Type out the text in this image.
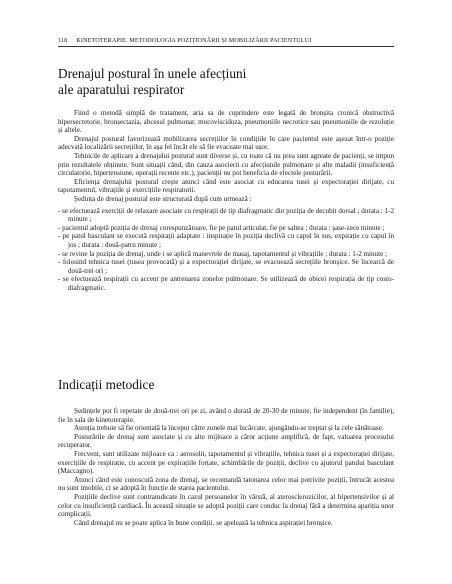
118 KINETOTERAPIE. METODOLOGIA POZIȚIONĂRII ȘI MOBILIZĂRII PACIENTULUI
Drenajul postural în unele afecțiuni
ale aparatului respirator

Fiind o metodă simplă de tratament, aria sa de cuprindere este legată de bronșita cronică obstructivă hipersecretorie, bronșectazia, abcesul pulmonar, mucoviscidoza, pneumoniile necrotice sau pneumoniile de rezoluție și altele.

Drenajul postural favorizează mobilizarea secrețiilor în condițiile în care pacientul este așezat într-o poziție adecvată localizării secrețiilor, în așa fel încât ele să fie evacuate mai ușor.

Tehnicile de aplicare a drenajului postural sunt diverse și, cu toate că nu prea sunt agreate de pacienți, se impun prin rezultatele obținute. Sunt situații când, din cauza asocierii cu afecțiunile pulmonare și alte maladii (insuficiență circulatorie, hipertensiune, operații recente etc.), pacienții nu pot beneficia de efectele posturării.

Eficiența drenajului postural crește atunci când este asociat cu educarea tusei și expectorației dirijate, cu tapotamentul, vibrațiile și exercițiile respiratorii.

Ședința de drenaj postural este structurată după cum urmează :

- se efectuează exerciții de relaxare asociate cu respirații de tip diafragmatic din poziția de decubit dorsal ; durata : 1-2 minute ;

- pacientul adoptă poziția de drenaj corespunzătoare, fie pe patul articulat, fie pe saltea ; durata : șase-zece minute ;

- pe patul basculant se execută respirații adaptate : inspirație în poziția declivă cu capul în sus, expirație cu capul în jos ; durata : două-patru minute ;

- se revine la poziția de drenaj, unde i se aplică manevrele de masaj, tapotamentul și vibrațiile ; durata : 1-2 minute ;

- folosind tehnica tusei (tusea provocată) și a expectorației dirijate, se evacuează secrețiile bronșice. Se încearcă de două-trei ori ;

- se efectuează respirații cu accent pe antrenarea zonelor pulmonare. Se utilizează de obicei respirația de tip costo-diafragmatic.

Indicații metodice

Ședințele pot fi repetate de două-trei ori pe zi, având o durată de 20-30 de minute, fie independent (în familie), fie în sala de kinetoterapie.

Atenția trebuie să fie orientată la început către zonele mai încărcate, ajungându-se treptat și la cele sănătoase.

Posturările de drenaj sunt asociate și cu alte mijloace a căror acțiune amplifică, de fapt, valoarea procesului recuperator.

Frecvent, sunt utilizate mijloace ca : aerosolii, tapotamentul și vibrațiile, tehnica tusei și a expectorației dirijate, exercițiile de respirație, cu accent pe expirațiile forțate, schimbările de poziții, declive cu ajutorul patului basculant (Maccagno).

Atunci când este cunoscută zona de drenaj, se recomandă tatonarea celor mai potrivite poziții, întrucât acestea nu sunt imobile, ci se adoptă în funcție de starea pacientului.

Pozițiile declive sunt contraindicate în cazul persoanelor în vârstă, al aterosclerozicilor, al hipertensivilor și al celor cu insuficiență cardiacă. În această situație se adoptă poziții care conduc la drenaj fără a determina apariția unor complicații.

Când drenajul nu se poate aplica în bune condiții, se apelează la tehnica aspirației bronșice.
